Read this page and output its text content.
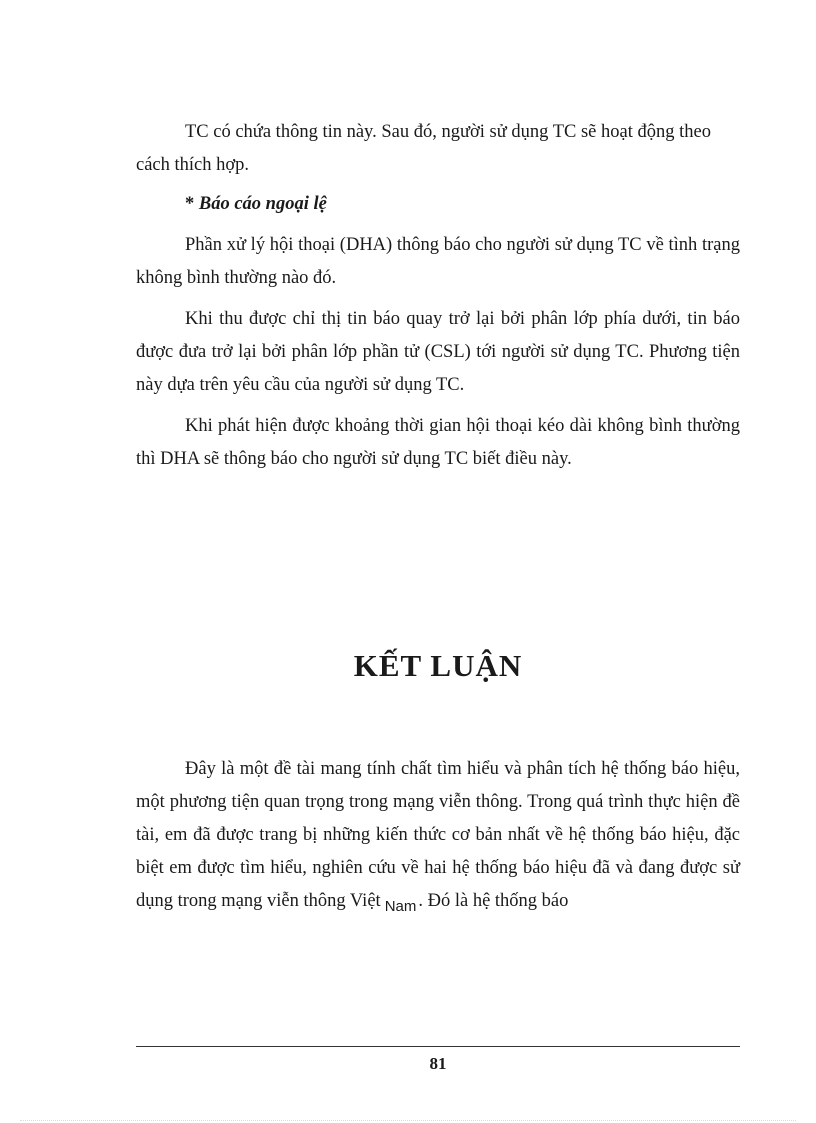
TC có chứa thông tin này. Sau đó, người sử dụng TC sẽ hoạt động theo
cách thích hợp.

* Báo cáo ngoại lệ

Phần xử lý hội thoại (DHA) thông báo cho người sử dụng TC về tình trạng không bình thường nào đó.

Khi thu được chỉ thị tin báo quay trở lại bởi phân lớp phía dưới, tin báo được đưa trở lại bởi phân lớp phần tử (CSL) tới người sử dụng TC. Phương tiện này dựa trên yêu cầu của người sử dụng TC.

Khi phát hiện được khoảng thời gian hội thoại kéo dài không bình thường thì DHA sẽ thông báo cho người sử dụng TC biết điều này.

KẾT LUẬN

Đây là một đề tài mang tính chất tìm hiểu và phân tích hệ thống báo hiệu, một phương tiện quan trọng trong mạng viễn thông. Trong quá trình thực hiện đề tài, em đã được trang bị những kiến thức cơ bản nhất về hệ thống báo hiệu, đặc biệt em được tìm hiểu, nghiên cứu về hai hệ thống báo hiệu đã và đang được sử dụng trong mạng viễn thông Việt $_{Nam}$ . Đó là hệ thống báo

81
